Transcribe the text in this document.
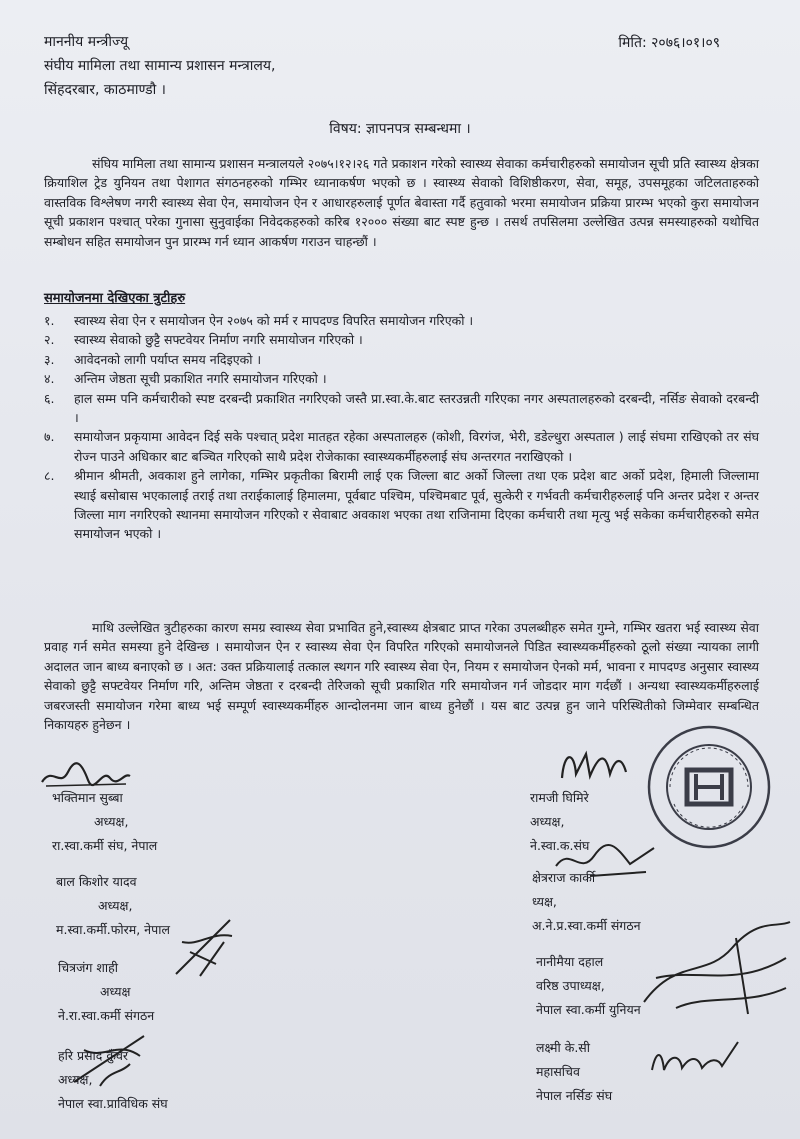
माननीय मन्त्रीज्यू
संघीय मामिला तथा सामान्य प्रशासन मन्त्रालय,
सिंहदरबार, काठमाण्डौ ।
मिति: २०७६।०१।०९
विषय: ज्ञापनपत्र सम्बन्धमा ।
संघिय मामिला तथा सामान्य प्रशासन मन्त्रालयले २०७५।१२।२६ गते प्रकाशन गरेको स्वास्थ्य सेवाका कर्मचारीहरुको समायोजन सूची प्रति स्वास्थ्य क्षेत्रका क्रियाशिल ट्रेड युनियन तथा पेशागत संगठनहरुको गम्भिर ध्यानाकर्षण भएको छ । स्वास्थ्य सेवाको विशिष्ठीकरण, सेवा, समूह, उपसमूहका जटिलताहरुको वास्तविक विश्लेषण नगरी स्वास्थ्य सेवा ऐन, समायोजन ऐन र आधारहरुलाई पूर्णत बेवास्ता गर्दै हतुवाको भरमा समायोजन प्रक्रिया प्रारम्भ भएको कुरा समायोजन सूची प्रकाशन पश्चात् परेका गुनासा सुनुवाईका निवेदकहरुको करिब १२००० संख्या बाट स्पष्ट हुन्छ । तसर्थ तपसिलमा उल्लेखित उत्पन्न समस्याहरुको यथोचित सम्बोधन सहित समायोजन पुन प्रारम्भ गर्न ध्यान आकर्षण गराउन चाहन्छौं ।
समायोजनमा देखिएका त्रुटीहरु
१.	स्वास्थ्य सेवा ऐन र समायोजन ऐन २०७५ को मर्म र मापदण्ड विपरित समायोजन गरिएको ।
२.	स्वास्थ्य सेवाको छुट्टै सफ्टवेयर निर्माण नगरि समायोजन गरिएको ।
३.	आवेदनको लागी पर्याप्त समय नदिइएको ।
४.	अन्तिम जेष्ठता सूची प्रकाशित नगरि समायोजन गरिएको ।
६.	हाल सम्म पनि कर्मचारीको स्पष्ट दरबन्दी प्रकाशित नगरिएको जस्तै प्रा.स्वा.के.बाट स्तरउन्नती गरिएका नगर अस्पतालहरुको दरबन्दी, नर्सिङ सेवाको दरबन्दी ।
७.	समायोजन प्रकृयामा आवेदन दिई सके पश्चात् प्रदेश मातहत रहेका अस्पतालहरु (कोशी, विरगंज, भेरी, डडेल्धुरा अस्पताल ) लाई संघमा राखिएको तर संघ रोज्न पाउने अधिकार बाट बञ्चित गरिएको साथै प्रदेश रोजेकाका स्वास्थ्यकर्मीहरुलाई संघ अन्तरगत नराखिएको ।
८.	श्रीमान श्रीमती, अवकाश हुने लागेका, गम्भिर प्रकृतीका बिरामी लाई एक जिल्ला बाट अर्को जिल्ला तथा एक प्रदेश बाट अर्को प्रदेश, हिमाली जिल्लामा स्थाई बसोबास भएकालाई तराई तथा तराईकालाई हिमालमा, पूर्वबाट पश्चिम, पश्चिमबाट पूर्व, सुत्केरी र गर्भवती कर्मचारीहरुलाई पनि अन्तर प्रदेश र अन्तर जिल्ला माग नगरिएको स्थानमा समायोजन गरिएको र सेवाबाट अवकाश भएका तथा राजिनामा दिएका कर्मचारी तथा मृत्यु भई सकेका कर्मचारीहरुको समेत समायोजन भएको ।
माथि उल्लेखित त्रुटीहरुका कारण समग्र स्वास्थ्य सेवा प्रभावित हुने,स्वास्थ्य क्षेत्रबाट प्राप्त गरेका उपलब्धीहरु समेत गुम्ने, गम्भिर खतरा भई स्वास्थ्य सेवा प्रवाह गर्न समेत समस्या हुने देखिन्छ । समायोजन ऐन र स्वास्थ्य सेवा ऐन विपरित गरिएको समायोजनले पिडित स्वास्थ्यकर्मीहरुको ठूलो संख्या न्यायका लागी अदालत जान बाध्य बनाएको छ । अत: उक्त प्रक्रियालाई तत्काल स्थगन गरि स्वास्थ्य सेवा ऐन, नियम र समायोजन ऐनको मर्म, भावना र मापदण्ड अनुसार स्वास्थ्य सेवाको छुट्टै सफ्टवेयर निर्माण गरि, अन्तिम जेष्ठता र दरबन्दी तेरिजको सूची प्रकाशित गरि समायोजन गर्न जोडदार माग गर्दछौं । अन्यथा स्वास्थ्यकर्मीहरुलाई जबरजस्ती समायोजन गरेमा बाध्य भई सम्पूर्ण स्वास्थ्यकर्मीहरु आन्दोलनमा जान बाध्य हुनेछौं । यस बाट उत्पन्न हुन जाने परिस्थितीको जिम्मेवार सम्बन्धित निकायहरु हुनेछन ।
भक्तिमान सुब्बा
अध्यक्ष,
रा.स्वा.कर्मी संघ, नेपाल
बाल किशोर यादव
अध्यक्ष,
म.स्वा.कर्मी.फोरम, नेपाल
चित्रजंग शाही
अध्यक्ष
ने.रा.स्वा.कर्मी संगठन
हरि प्रसाद कुँवर
अध्यक्ष,
नेपाल स्वा.प्राविधिक संघ
रामजी घिमिरे
अध्यक्ष,
ने.स्वा.क.संघ
क्षेत्रराज कार्की
ध्यक्ष,
अ.ने.प्र.स्वा.कर्मी संगठन
नानीमैया दहाल
वरिष्ठ उपाध्यक्ष,
नेपाल स्वा.कर्मी युनियन
लक्ष्मी के.सी
महासचिव
नेपाल नर्सिङ संघ
